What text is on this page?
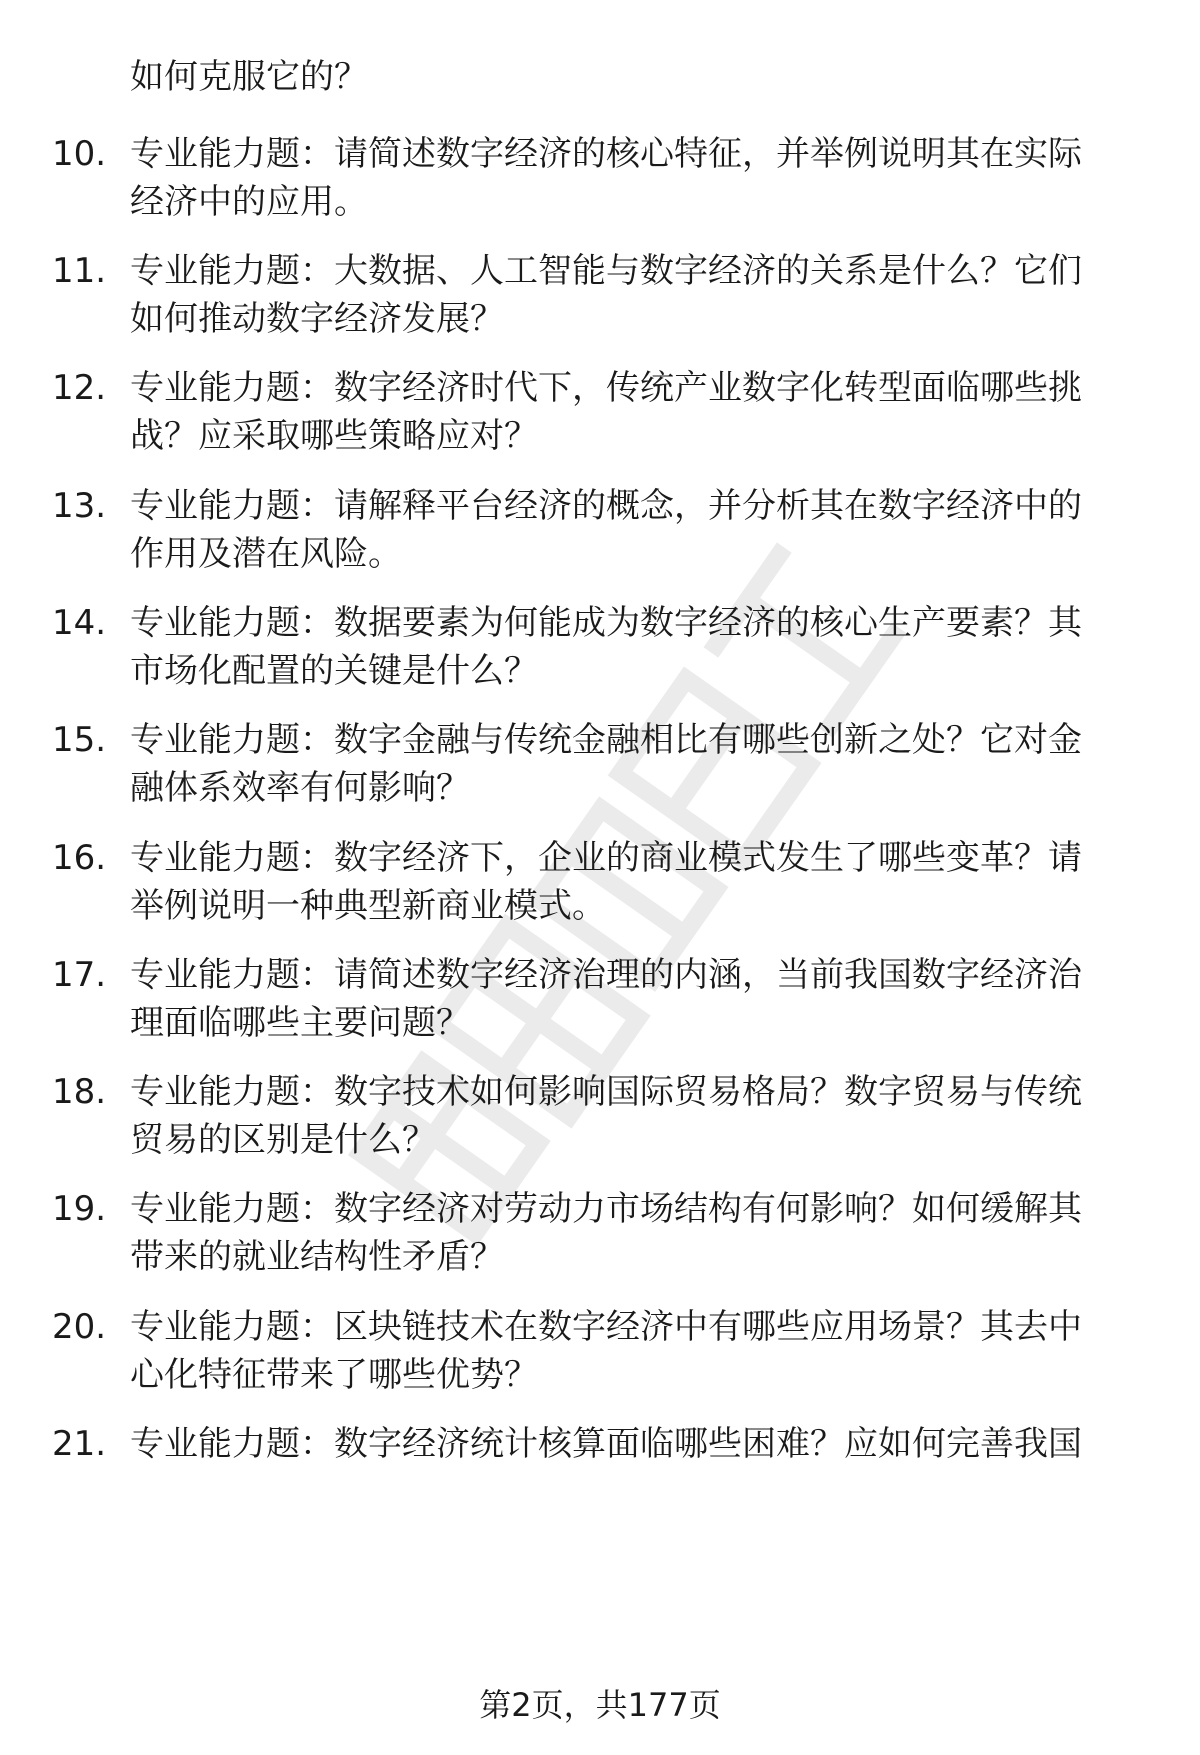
如何克服它的？
10. 专业能力题：请简述数字经济的核心特征，并举例说明其在实际
经济中的应用。
11. 专业能力题：大数据、人工智能与数字经济的关系是什么？它们
如何推动数字经济发展？
12. 专业能力题：数字经济时代下，传统产业数字化转型面临哪些挑
战？应采取哪些策略应对？
13. 专业能力题：请解释平台经济的概念，并分析其在数字经济中的
作用及潜在风险。
14. 专业能力题：数据要素为何能成为数字经济的核心生产要素？其
市场化配置的关键是什么？
15. 专业能力题：数字金融与传统金融相比有哪些创新之处？它对金
融体系效率有何影响？
16. 专业能力题：数字经济下，企业的商业模式发生了哪些变革？请
举例说明一种典型新商业模式。
17. 专业能力题：请简述数字经济治理的内涵，当前我国数字经济治
理面临哪些主要问题？
18. 专业能力题：数字技术如何影响国际贸易格局？数字贸易与传统
贸易的区别是什么？
19. 专业能力题：数字经济对劳动力市场结构有何影响？如何缓解其
带来的就业结构性矛盾？
20. 专业能力题：区块链技术在数字经济中有哪些应用场景？其去中
心化特征带来了哪些优势？
21. 专业能力题：数字经济统计核算面临哪些困难？应如何完善我国
第2页，共177页
